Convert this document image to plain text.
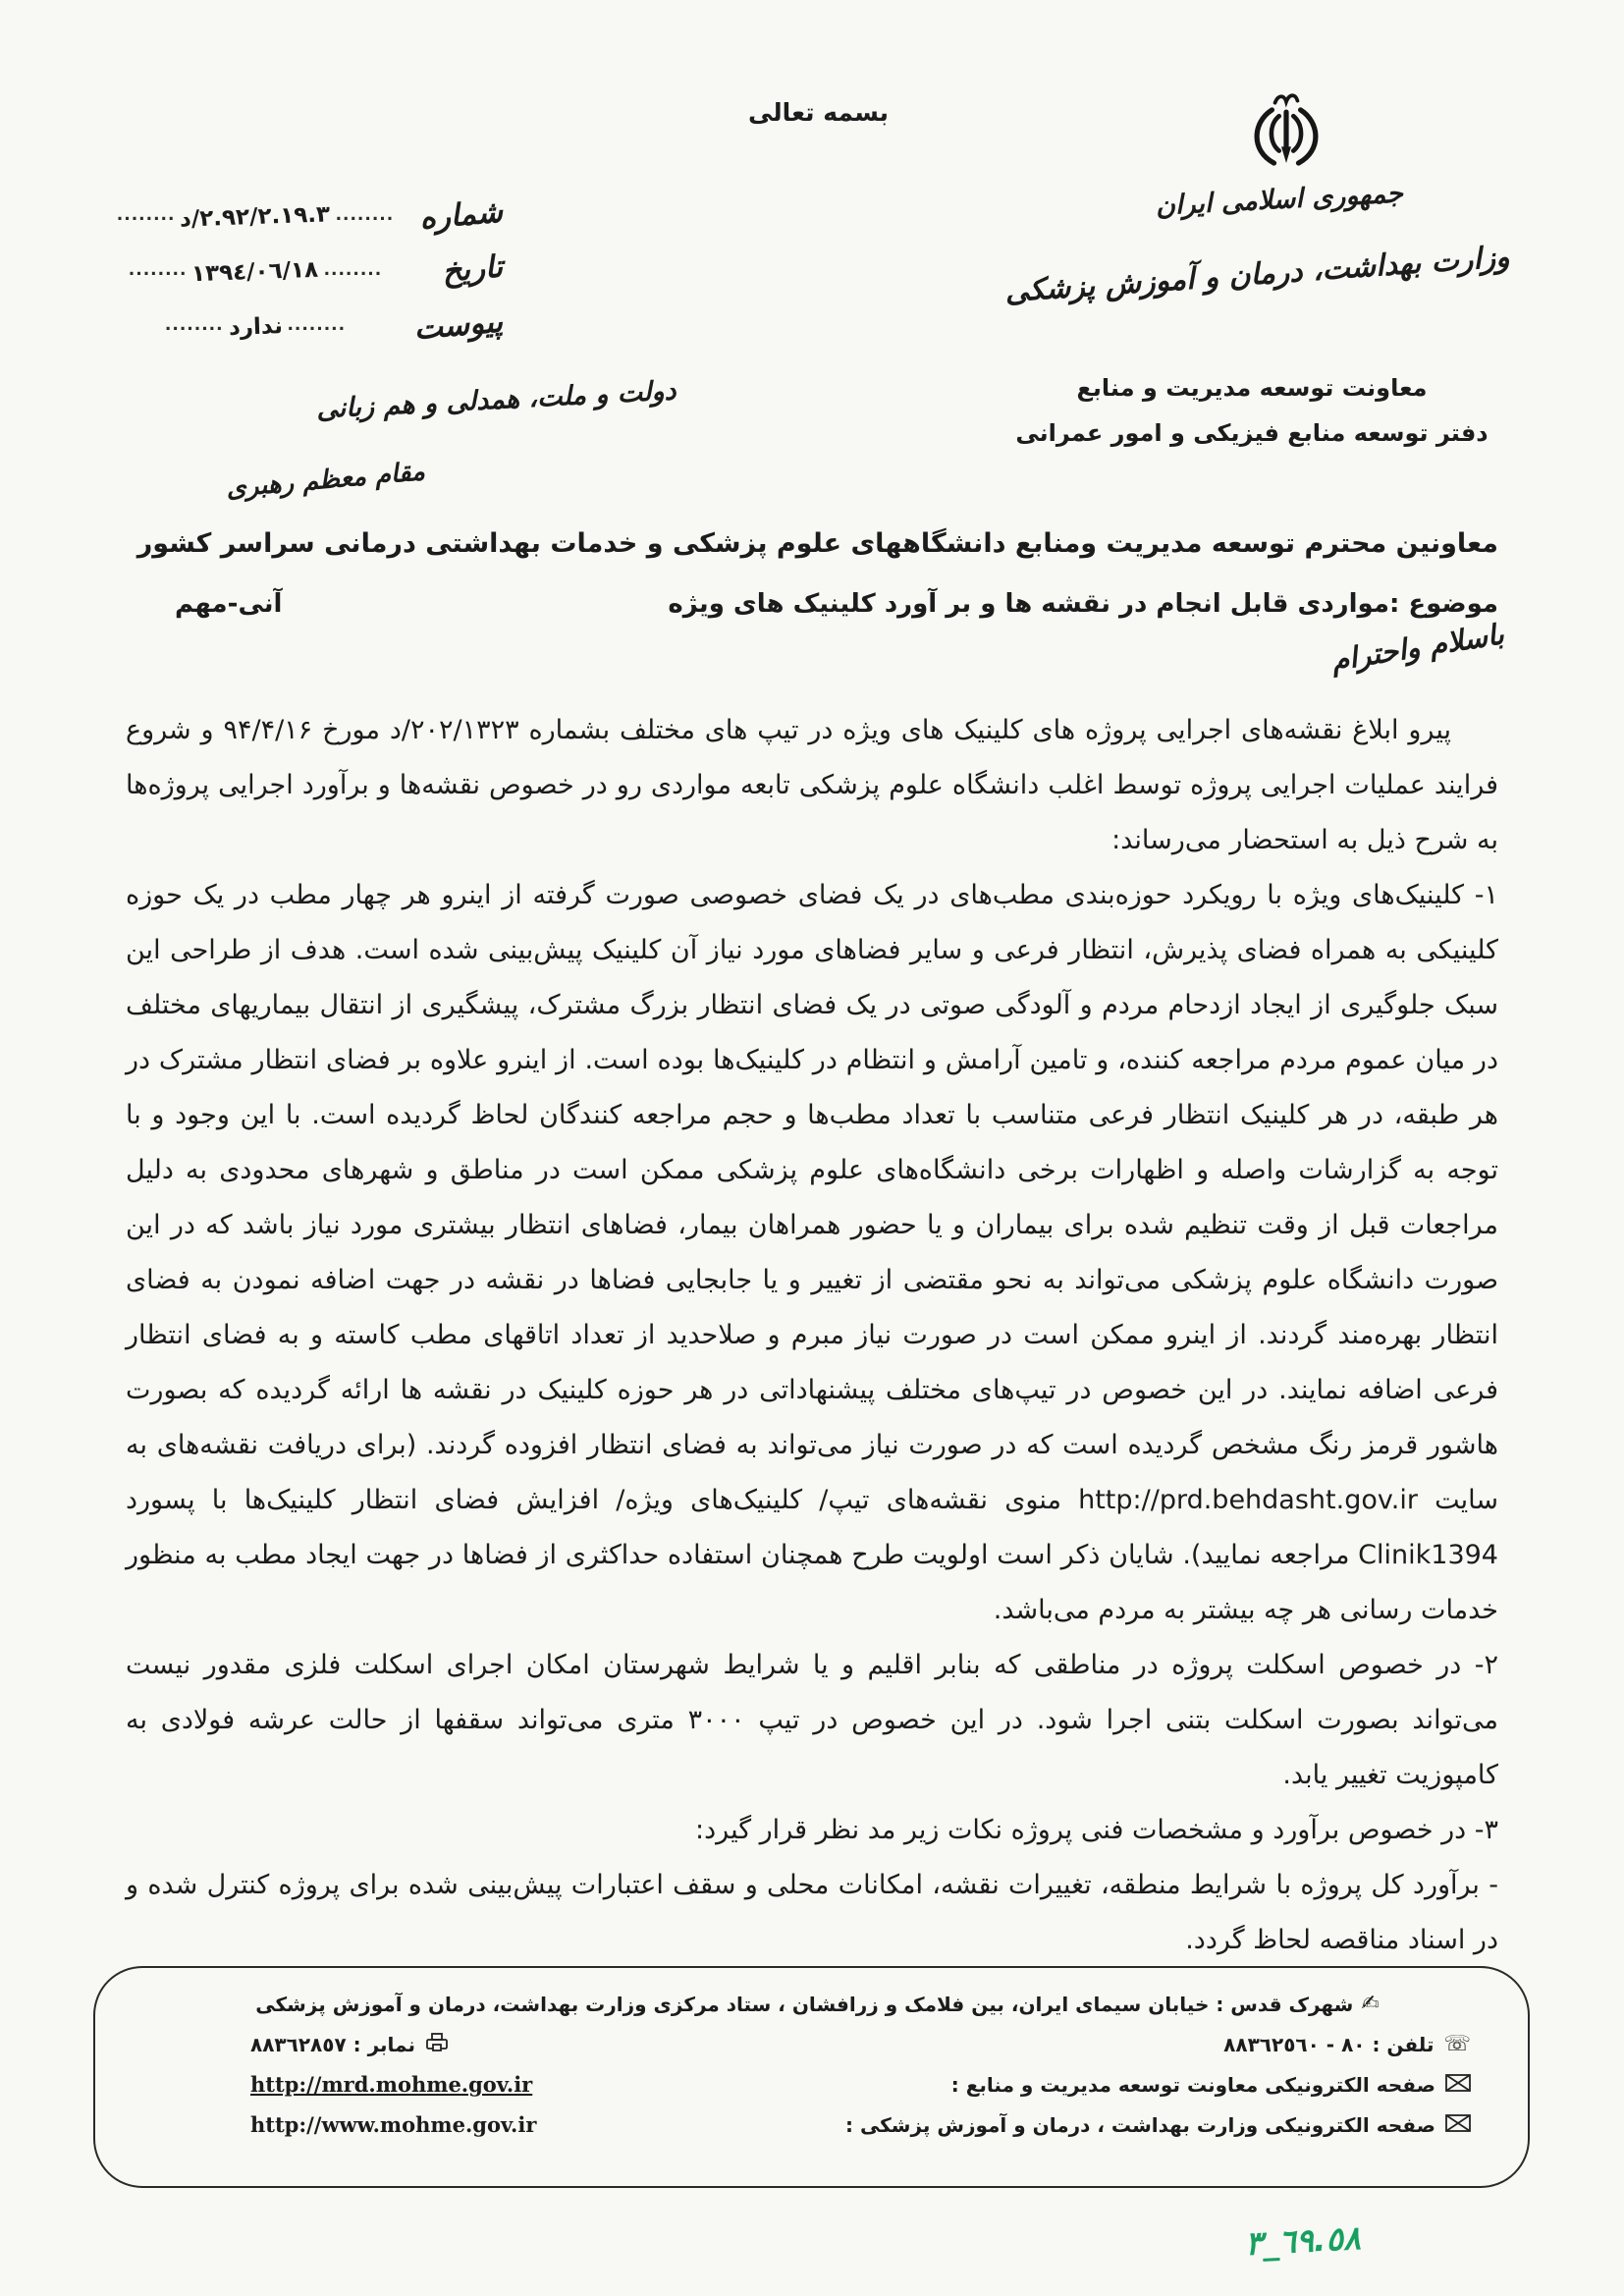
بسمه تعالی
جمهوری اسلامی ایران
وزارت بهداشت، درمان و آموزش پزشکی
معاونت توسعه مدیریت و منابع
دفتر توسعه منابع فیزیکی و امور عمرانی
شماره
........ ٢.٩٢/٢.١٩.٣/د
........
تاریخ
........ ١٣٩٤/٠٦/١٨
........
پیوست
........ ندارد
........
دولت و ملت، همدلی و هم زبانی
مقام معظم رهبری
معاونین محترم توسعه مدیریت ومنابع دانشگاههای علوم پزشکی و خدمات بهداشتی درمانی سراسر کشور
موضوع :مواردی قابل انجام در نقشه ها و بر آورد کلینیک های ویژه
آنی-مهم
باسلام واحترام

پیرو ابلاغ نقشه‌های اجرایی پروژه های کلینیک های ویژه در تیپ های مختلف بشماره ۲۰۲/۱۳۲۳/د مورخ ۹۴/۴/۱۶ و شروع فرایند عملیات اجرایی پروژه توسط اغلب دانشگاه علوم پزشکی تابعه مواردی رو در خصوص نقشه‌ها و برآورد اجرایی پروژه‌ها به شرح ذیل به استحضار می‌رساند:

۱- کلینیک‌های ویژه با رویکرد حوزه‌بندی مطب‌های در یک فضای خصوصی صورت گرفته از اینرو هر چهار مطب در یک حوزه کلینیکی به همراه فضای پذیرش، انتظار فرعی و سایر فضاهای مورد نیاز آن کلینیک پیش‌بینی شده است. هدف از طراحی این سبک جلوگیری از ایجاد ازدحام مردم و آلودگی صوتی در یک فضای انتظار بزرگ مشترک، پیشگیری از انتقال بیماریهای مختلف در میان عموم مردم مراجعه کننده، و تامین آرامش و انتظام در کلینیک‌ها بوده است. از اینرو علاوه بر فضای انتظار مشترک در هر طبقه، در هر کلینیک انتظار فرعی متناسب با تعداد مطب‌ها و حجم مراجعه کنندگان لحاظ گردیده است. با این وجود و با توجه به گزارشات واصله و اظهارات برخی دانشگاه‌های علوم پزشکی ممکن است در مناطق و شهرهای محدودی به دلیل مراجعات قبل از وقت تنظیم شده برای بیماران و یا حضور همراهان بیمار، فضاهای انتظار بیشتری مورد نیاز باشد که در این صورت دانشگاه علوم پزشکی می‌تواند به نحو مقتضی از تغییر و یا جابجایی فضاها در نقشه در جهت اضافه نمودن به فضای انتظار بهره‌مند گردند. از اینرو ممکن است در صورت نیاز مبرم و صلاحدید از تعداد اتاقهای مطب کاسته و به فضای انتظار فرعی اضافه نمایند. در این خصوص در تیپ‌های مختلف پیشنهاداتی در هر حوزه کلینیک در نقشه ها ارائه گردیده که بصورت هاشور قرمز رنگ مشخص گردیده است که در صورت نیاز می‌تواند به فضای انتظار افزوده گردند. (برای دریافت نقشه‌های به سایت http://prd.behdasht.gov.ir منوی نقشه‌های تیپ/ کلینیک‌های ویژه/ افزایش فضای انتظار کلینیک‌ها با پسورد Clinik1394 مراجعه نمایید). شایان ذکر است اولویت طرح همچنان استفاده حداکثری از فضاها در جهت ایجاد مطب به منظور خدمات رسانی هر چه بیشتر به مردم می‌باشد.

۲- در خصوص اسکلت پروژه در مناطقی که بنابر اقلیم و یا شرایط شهرستان امکان اجرای اسکلت فلزی مقدور نیست می‌تواند بصورت اسکلت بتنی اجرا شود. در این خصوص در تیپ ۳۰۰۰ متری می‌تواند سقفها از حالت عرشه فولادی به کامپوزیت تغییر یابد.

۳- در خصوص برآورد و مشخصات فنی پروژه نکات زیر مد نظر قرار گیرد:

- برآورد کل پروژه با شرایط منطقه، تغییرات نقشه، امکانات محلی و سقف اعتبارات پیش‌بینی شده برای پروژه کنترل شده و در اسناد مناقصه لحاظ گردد.

✍
شهرک قدس : خیابان سیمای ایران، بین فلامک و زرافشان ، ستاد مرکزی وزارت بهداشت، درمان و آموزش پزشکی
☏
تلفن : ٨٠ - ٨٨٣٦٢٥٦٠
نمابر : ٨٨٣٦٢٨٥٧
صفحه الکترونیکی معاونت توسعه مدیریت و منابع :
http://mrd.mohme.gov.ir
صفحه الکترونیکی وزارت بهداشت ، درمان و آموزش پزشکی :
http://www.mohme.gov.ir
٦٩.٥٨_٣
